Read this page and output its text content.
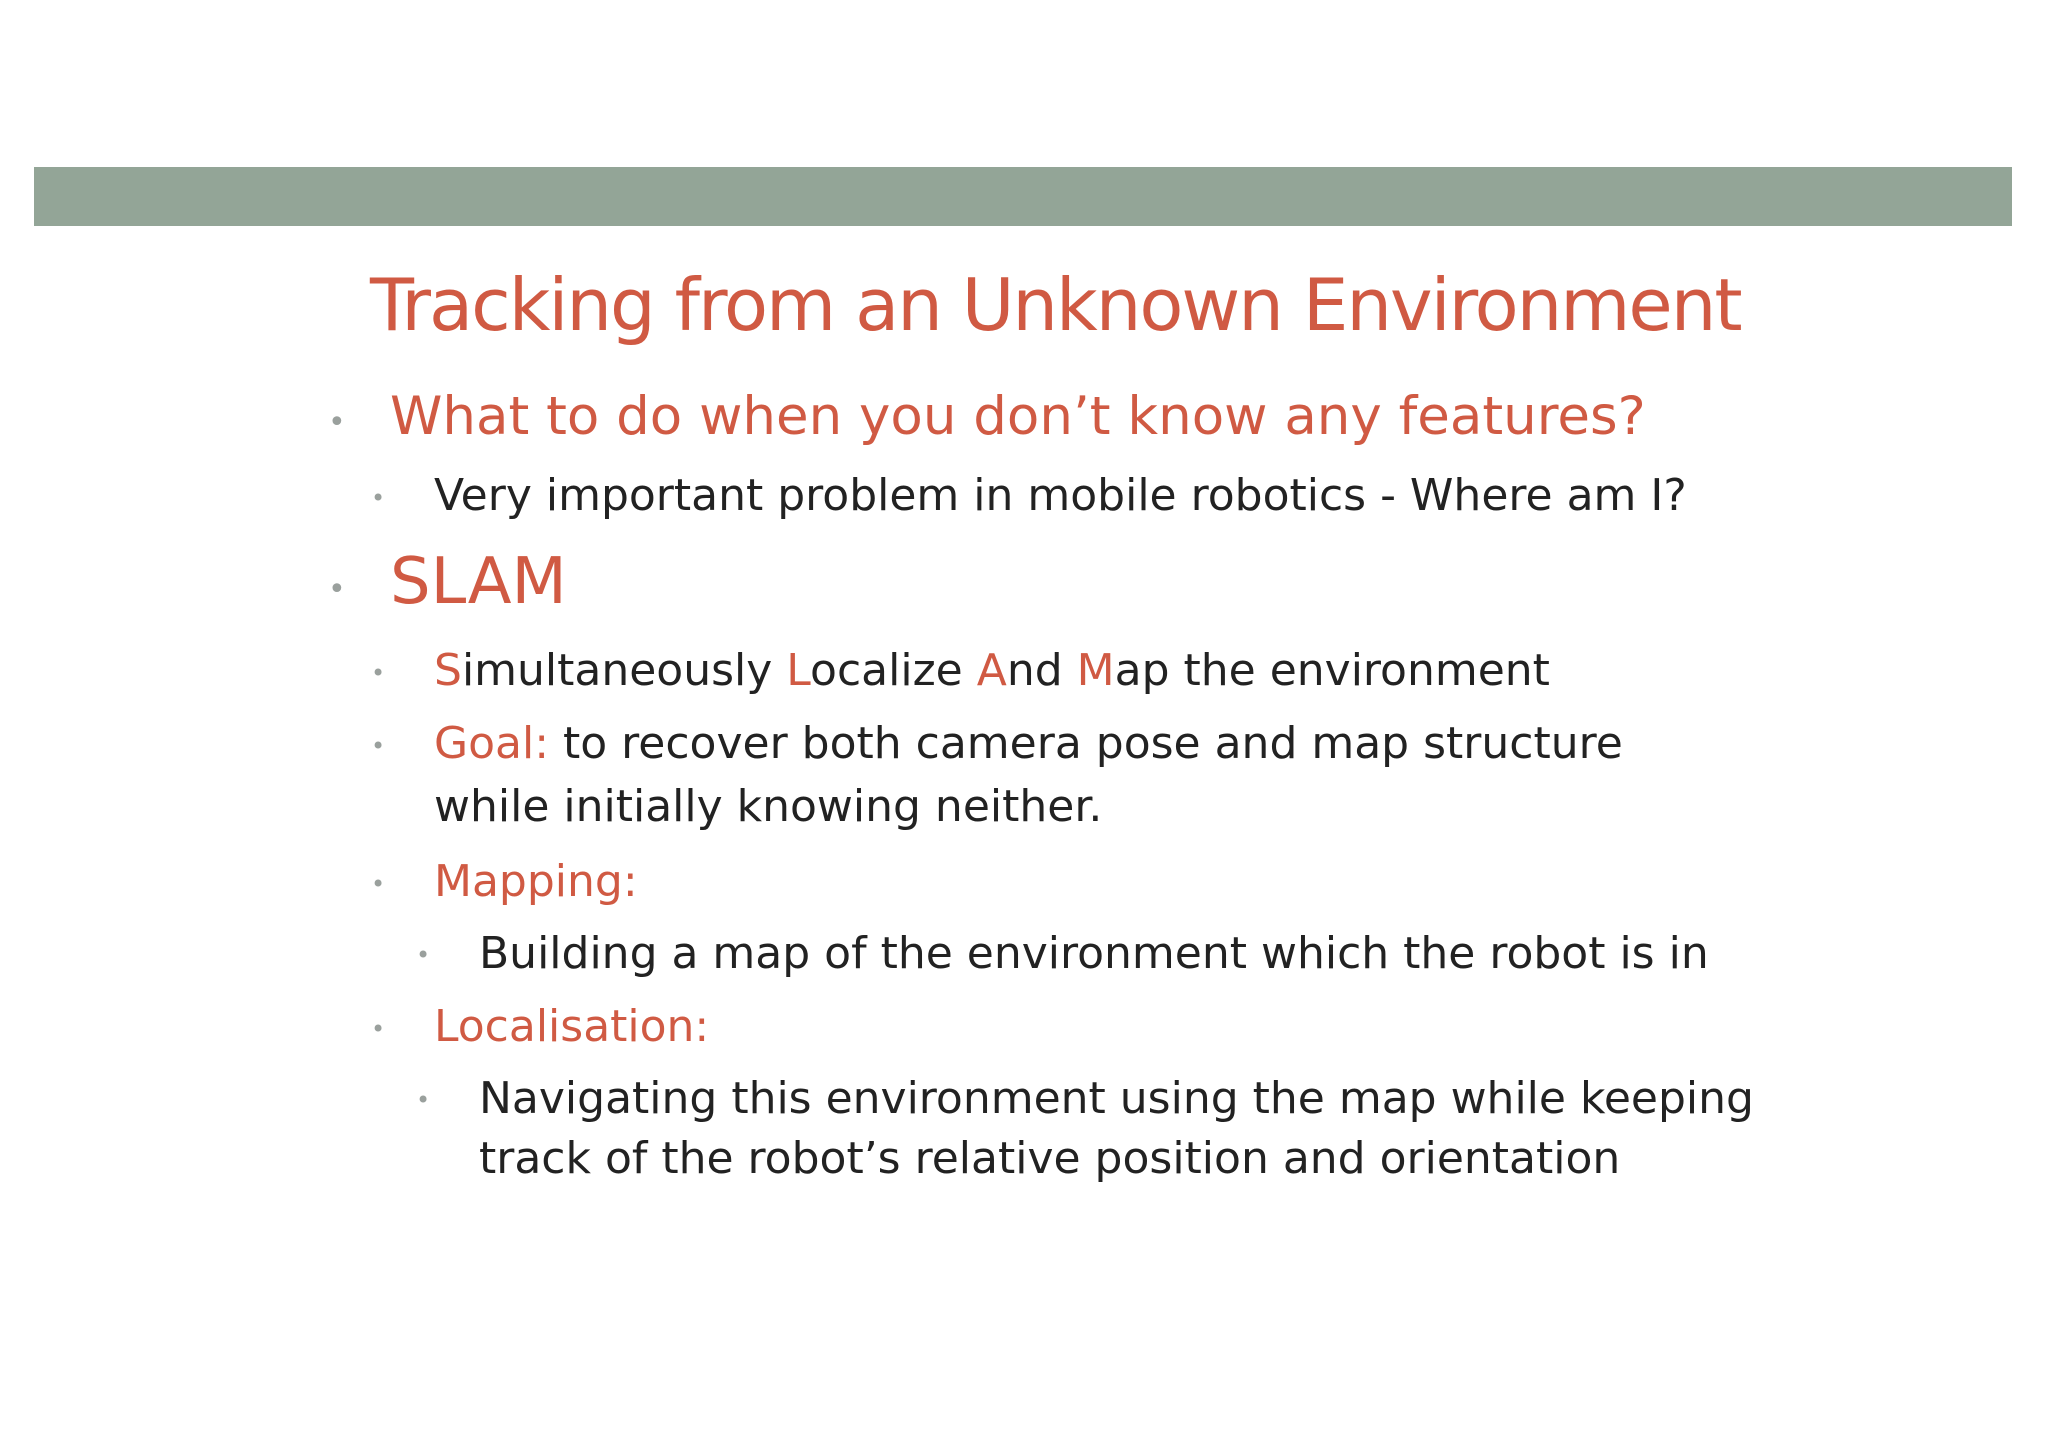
Tracking from an Unknown Environment
• What to do when you don’t know any features?

• Very important problem in mobile robotics - Where am I?

• SLAM

• Simultaneously Localize And Map the environment

• Goal: to recover both camera pose and map structure

while initially knowing neither.

• Mapping:

• Building a map of the environment which the robot is in

• Localisation:

• Navigating this environment using the map while keeping

track of the robot’s relative position and orientation
